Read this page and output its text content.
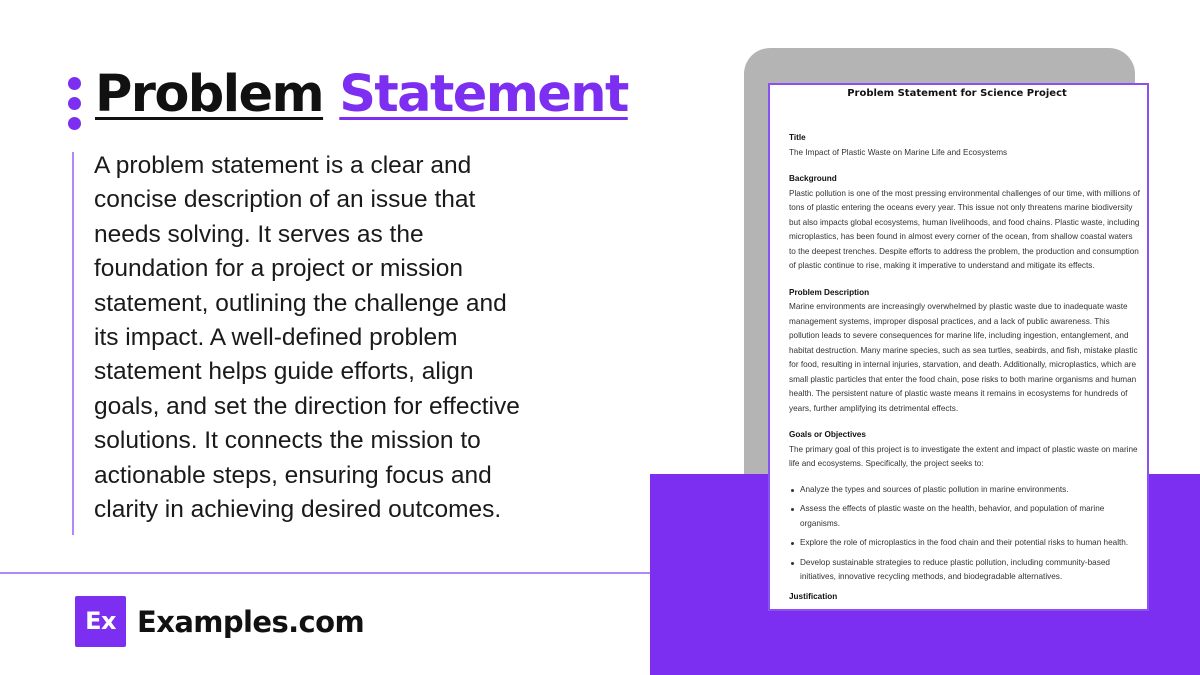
Problem Statement

A problem statement is a clear and

concise description of an issue that

needs solving. It serves as the

foundation for a project or mission

statement, outlining the challenge and

its impact. A well-defined problem

statement helps guide efforts, align

goals, and set the direction for effective

solutions. It connects the mission to

actionable steps, ensuring focus and

clarity in achieving desired outcomes.

Ex Examples.com
Problem Statement for Science Project
Title
The Impact of Plastic Waste on Marine Life and Ecosystems
Background

Plastic pollution is one of the most pressing environmental challenges of our time, with millions of

tons of plastic entering the oceans every year. This issue not only threatens marine biodiversity

but also impacts global ecosystems, human livelihoods, and food chains. Plastic waste, including

microplastics, has been found in almost every corner of the ocean, from shallow coastal waters

to the deepest trenches. Despite efforts to address the problem, the production and consumption

of plastic continue to rise, making it imperative to understand and mitigate its effects.

Problem Description

Marine environments are increasingly overwhelmed by plastic waste due to inadequate waste

management systems, improper disposal practices, and a lack of public awareness. This

pollution leads to severe consequences for marine life, including ingestion, entanglement, and

habitat destruction. Many marine species, such as sea turtles, seabirds, and fish, mistake plastic

for food, resulting in internal injuries, starvation, and death. Additionally, microplastics, which are

small plastic particles that enter the food chain, pose risks to both marine organisms and human

health. The persistent nature of plastic waste means it remains in ecosystems for hundreds of

years, further amplifying its detrimental effects.

Goals or Objectives

The primary goal of this project is to investigate the extent and impact of plastic waste on marine

life and ecosystems. Specifically, the project seeks to:

Analyze the types and sources of plastic pollution in marine environments.
Assess the effects of plastic waste on the health, behavior, and population of marine
organisms.
Explore the role of microplastics in the food chain and their potential risks to human health.
Develop sustainable strategies to reduce plastic pollution, including community-based
initiatives, innovative recycling methods, and biodegradable alternatives.
Justification
